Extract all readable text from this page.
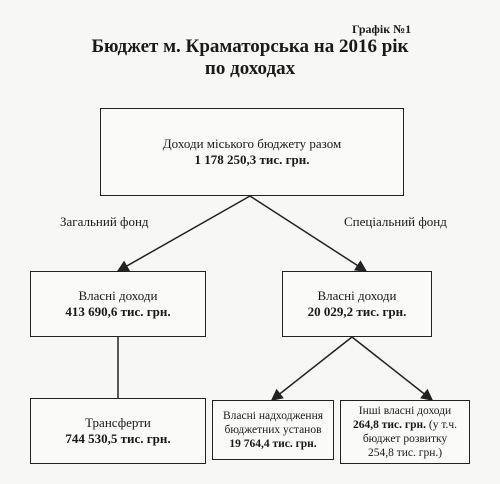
Графік №1
Бюджет м. Краматорська на 2016 рік
по доходах
Доходи міського бюджету разом
1 178 250,3 тис. грн.
Загальний фонд	Спеціальний фонд
Власні доходи
413 690,6 тис. грн.
Власні доходи
20 029,2 тис. грн.
Трансферти
744 530,5 тис. грн.
Власні надходження
бюджетних установ
19 764,4 тис. грн.
Інші власні доходи
264,8 тис. грн. (у т.ч.
бюджет розвитку
254,8 тис. грн.)
